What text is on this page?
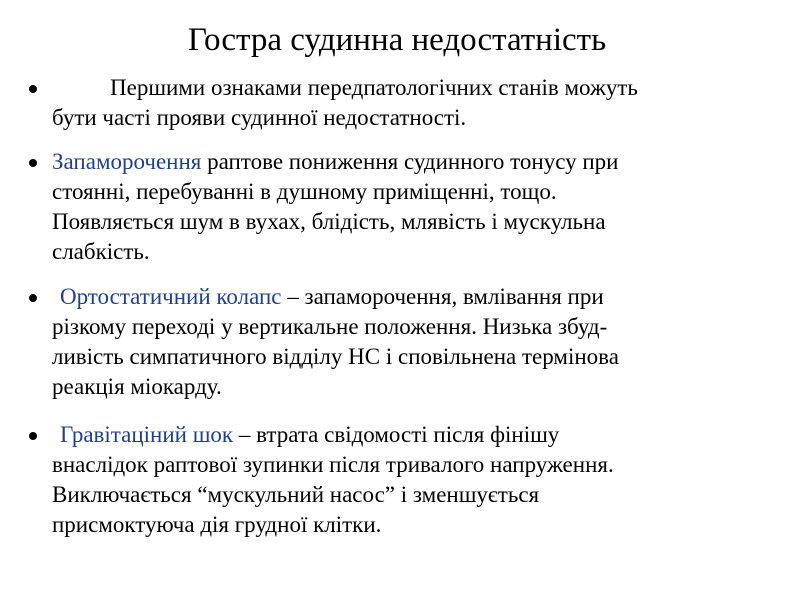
Гостра судинна недостатність
Першими ознаками передпатологічних станів можуть
бути часті прояви судинної недостатності.
Запаморочення раптове пониження судинного тонусу при
стоянні, перебуванні в душному приміщенні, тощо.
Появляється шум в вухах, блідість, млявість і мускульна
слабкість.
Ортостатичний колапс – запаморочення, вмлівання при
різкому переході у вертикальне положення. Низька збуд-
ливість симпатичного відділу НС і сповільнена термінова
реакція міокарду.
Гравітаціний шок – втрата свідомості після фінішу
внаслідок раптової зупинки після тривалого напруження.
Виключається “мускульний насос” і зменшується
присмоктуюча дія грудної клітки.
